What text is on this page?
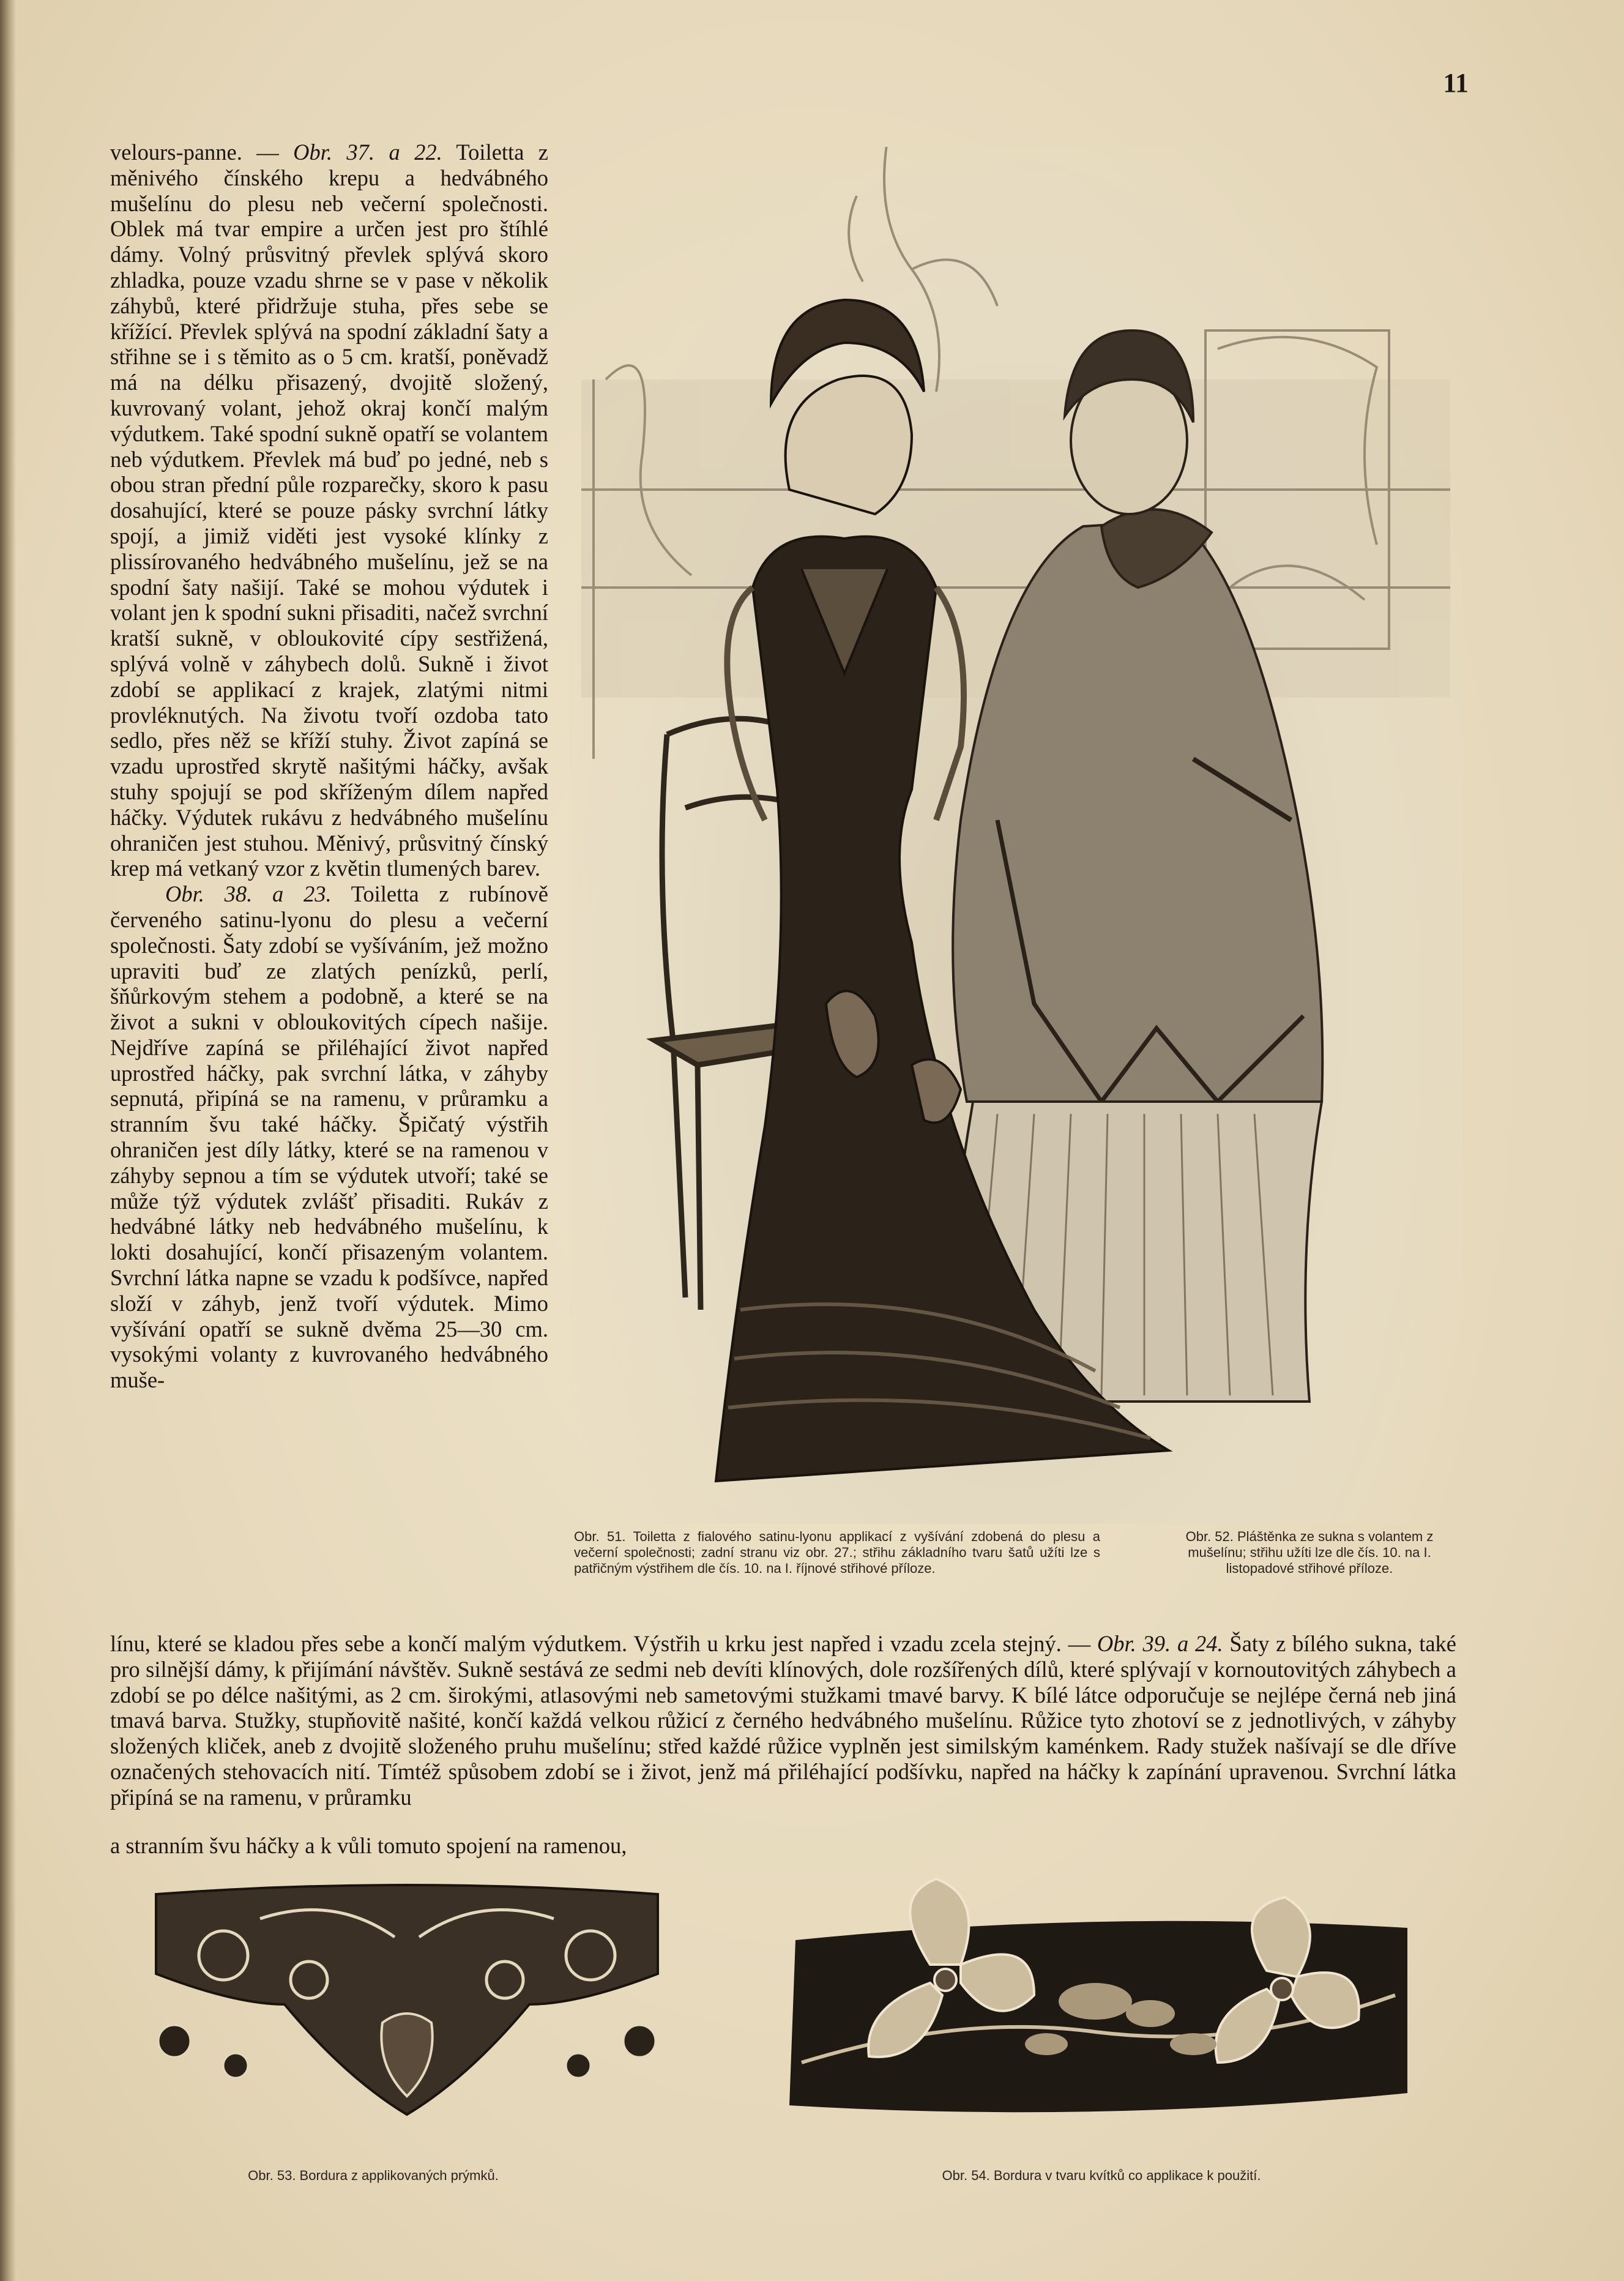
11

velours-panne. — Obr. 37. a 22. Toiletta z měnivého čínského krepu a hedvábného mušelínu do plesu neb večerní společnosti. Oblek má tvar empire a určen jest pro štíhlé dámy. Volný průsvitný převlek splývá skoro zhladka, pouze vzadu shrne se v pase v několik záhybů, které přidržuje stuha, přes sebe se křížící. Převlek splývá na spodní základní šaty a střihne se i s těmito as o 5 cm. kratší, poněvadž má na délku přisazený, dvojitě složený, kuvrovaný volant, jehož okraj končí malým výdutkem. Také spodní sukně opatří se volantem neb výdutkem. Převlek má buď po jedné, neb s obou stran přední půle rozparečky, skoro k pasu dosahující, které se pouze pásky svrchní látky spojí, a jimiž viděti jest vysoké klínky z plissírovaného hedvábného mušelínu, jež se na spodní šaty našijí. Také se mohou výdutek i volant jen k spodní sukni přisaditi, načež svrchní kratší sukně, v obloukovité cípy sestřižená, splývá volně v záhybech dolů. Sukně i život zdobí se applikací z krajek, zlatými nitmi provléknutých. Na životu tvoří ozdoba tato sedlo, přes něž se kříží stuhy. Život zapíná se vzadu uprostřed skrytě našitými háčky, avšak stuhy spojují se pod skříženým dílem napřed háčky. Výdutek rukávu z hedvábného mušelínu ohraničen jest stuhou. Měnivý, průsvitný čínský krep má vetkaný vzor z květin tlumených barev.

Obr. 38. a 23. Toiletta z rubínově červeného satinu-lyonu do plesu a večerní společnosti. Šaty zdobí se vyšíváním, jež možno upraviti buď ze zlatých penízků, perlí, šňůrkovým stehem a podobně, a které se na život a sukni v obloukovitých cípech našije. Nejdříve zapíná se přiléhající život napřed uprostřed háčky, pak svrchní látka, v záhyby sepnutá, připíná se na ramenu, v průramku a stranním švu také háčky. Špičatý výstřih ohraničen jest díly látky, které se na ramenou v záhyby sepnou a tím se výdutek utvoří; také se může týž výdutek zvlášť přisaditi. Rukáv z hedvábné látky neb hedvábného mušelínu, k lokti dosahující, končí přisazeným volantem. Svrchní látka napne se vzadu k podšívce, napřed složí v záhyb, jenž tvoří výdutek. Mimo vyšívání opatří se sukně dvěma 25—30 cm. vysokými volanty z kuvrovaného hedvábného muše-

Obr. 51. Toiletta z fialového satinu-lyonu applikací z vyšívání zdobená do plesu a večerní společnosti; zadní stranu viz obr. 27.; střihu základního tvaru šatů užíti lze s patřičným výstřihem dle čís. 10. na I. říjnové střihové příloze.

Obr. 52. Pláštěnka ze sukna s volantem z mušelínu; střihu užíti lze dle čís. 10. na I. listopadové střihové příloze.

línu, které se kladou přes sebe a končí malým výdutkem. Výstřih u krku jest napřed i vzadu zcela stejný. — Obr. 39. a 24. Šaty z bílého sukna, také pro silnější dámy, k přijímání návštěv. Sukně sestává ze sedmi neb devíti klínových, dole rozšířených dílů, které splývají v kornoutovitých záhybech a zdobí se po délce našitými, as 2 cm. širokými, atlasovými neb sametovými stužkami tmavé barvy. K bílé látce odporučuje se nejlépe černá neb jiná tmavá barva. Stužky, stupňovitě našité, končí každá velkou růžicí z černého hedvábného mušelínu. Růžice tyto zhotoví se z jednotlivých, v záhyby složených kliček, aneb z dvojitě složeného pruhu mušelínu; střed každé růžice vyplněn jest similským kaménkem. Rady stužek našívají se dle dříve označených stehovacích nití. Tímtéž spůsobem zdobí se i život, jenž má přiléhající podšívku, napřed na háčky k zapínání upravenou. Svrchní látka připíná se na ramenu, v průramku

a stranním švu háčky a k vůli tomuto spojení na ramenou,

Obr. 53. Bordura z applikovaných prýmků.	Obr. 54. Bordura v tvaru kvítků co applikace k použití.
